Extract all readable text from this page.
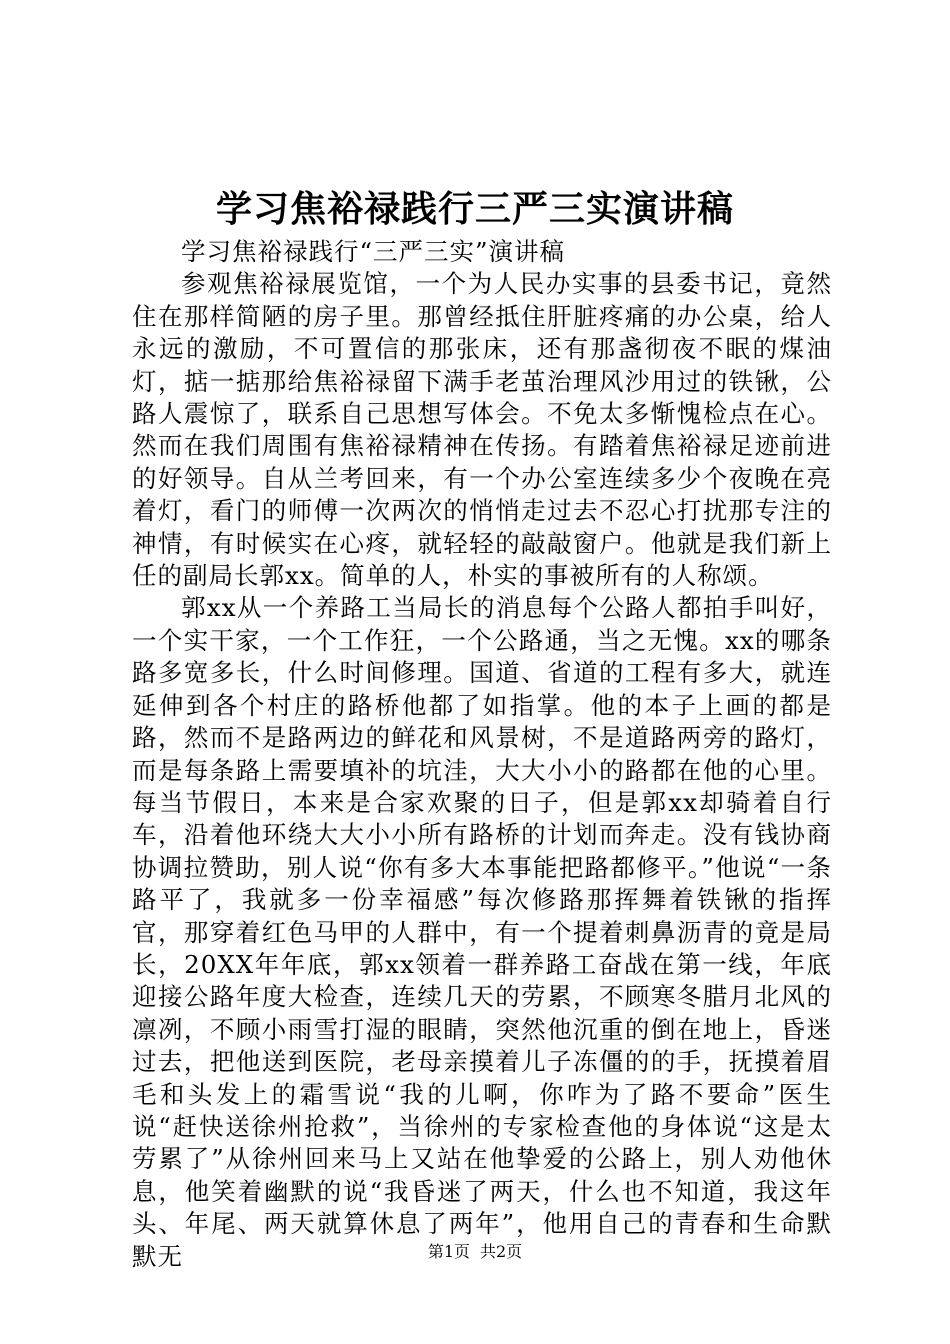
学习焦裕禄践行三严三实演讲稿

学习焦裕禄践行“三严三实”演讲稿

参观焦裕禄展览馆，一个为人民办实事的县委书记，竟然住在那样简陋的房子里。那曾经抵住肝脏疼痛的办公桌，给人永远的激励，不可置信的那张床，还有那盏彻夜不眠的煤油灯，掂一掂那给焦裕禄留下满手老茧治理风沙用过的铁锹，公路人震惊了，联系自己思想写体会。不免太多惭愧检点在心。然而在我们周围有焦裕禄精神在传扬。有踏着焦裕禄足迹前进的好领导。自从兰考回来，有一个办公室连续多少个夜晚在亮着灯，看门的师傅一次两次的悄悄走过去不忍心打扰那专注的神情，有时候实在心疼，就轻轻的敲敲窗户。他就是我们新上任的副局长郭xx。简单的人，朴实的事被所有的人称颂。

郭xx从一个养路工当局长的消息每个公路人都拍手叫好，一个实干家，一个工作狂，一个公路通，当之无愧。xx的哪条路多宽多长，什么时间修理。国道、省道的工程有多大，就连延伸到各个村庄的路桥他都了如指掌。他的本子上画的都是路，然而不是路两边的鲜花和风景树，不是道路两旁的路灯，而是每条路上需要填补的坑洼，大大小小的路都在他的心里。每当节假日，本来是合家欢聚的日子，但是郭xx却骑着自行车，沿着他环绕大大小小所有路桥的计划而奔走。没有钱协商协调拉赞助，别人说“你有多大本事能把路都修平。”他说“一条路平了，我就多一份幸福感”每次修路那挥舞着铁锹的指挥官，那穿着红色马甲的人群中，有一个提着刺鼻沥青的竟是局长，20XX年年底，郭xx领着一群养路工奋战在第一线，年底迎接公路年度大检查，连续几天的劳累，不顾寒冬腊月北风的凛冽，不顾小雨雪打湿的眼睛，突然他沉重的倒在地上，昏迷过去，把他送到医院，老母亲摸着儿子冻僵的的手，抚摸着眉毛和头发上的霜雪说“我的儿啊，你咋为了路不要命”医生说“赶快送徐州抢救”，当徐州的专家检查他的身体说“这是太劳累了”从徐州回来马上又站在他挚爱的公路上，别人劝他休息，他笑着幽默的说“我昏迷了两天，什么也不知道，我这年头、年尾、两天就算休息了两年”，他用自己的青春和生命默默无	第1页 共2页
